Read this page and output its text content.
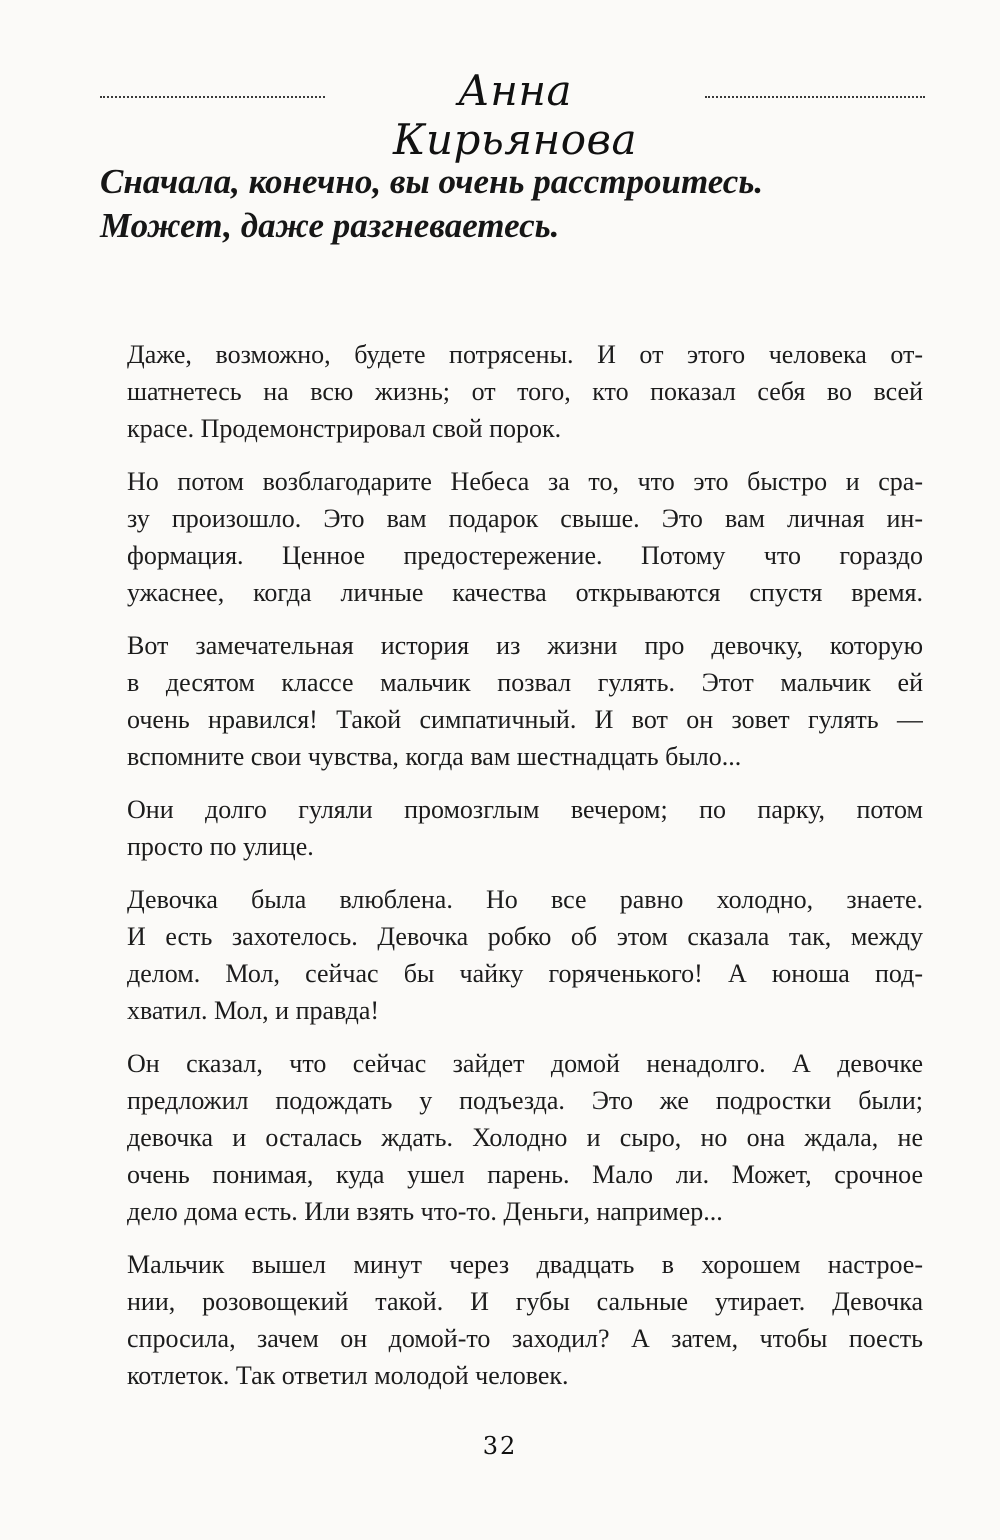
Анна Кирьянова
Сначала, конечно, вы очень расстроитесь.
Может, даже разгневаетесь.

Даже, возможно, будете потрясены. И от этого человека от-
шатнетесь на всю жизнь; от того, кто показал себя во всей
красе. Продемонстрировал свой порок.

Но потом возблагодарите Небеса за то, что это быстро и сра-
зу произошло. Это вам подарок свыше. Это вам личная ин-
формация. Ценное предостережение. Потому что гораздо
ужаснее, когда личные качества открываются спустя время.

Вот замечательная история из жизни про девочку, которую
в десятом классе мальчик позвал гулять. Этот мальчик ей
очень нравился! Такой симпатичный. И вот он зовет гулять —
вспомните свои чувства, когда вам шестнадцать было...

Они долго гуляли промозглым вечером; по парку, потом
просто по улице.

Девочка была влюблена. Но все равно холодно, знаете.
И есть захотелось. Девочка робко об этом сказала так, между
делом. Мол, сейчас бы чайку горяченького! А юноша под-
хватил. Мол, и правда!

Он сказал, что сейчас зайдет домой ненадолго. А девочке
предложил подождать у подъезда. Это же подростки были;
девочка и осталась ждать. Холодно и сыро, но она ждала, не
очень понимая, куда ушел парень. Мало ли. Может, срочное
дело дома есть. Или взять что-то. Деньги, например...

Мальчик вышел минут через двадцать в хорошем настрое-
нии, розовощекий такой. И губы сальные утирает. Девочка
спросила, зачем он домой-то заходил? А затем, чтобы поесть
котлеток. Так ответил молодой человек.

32
